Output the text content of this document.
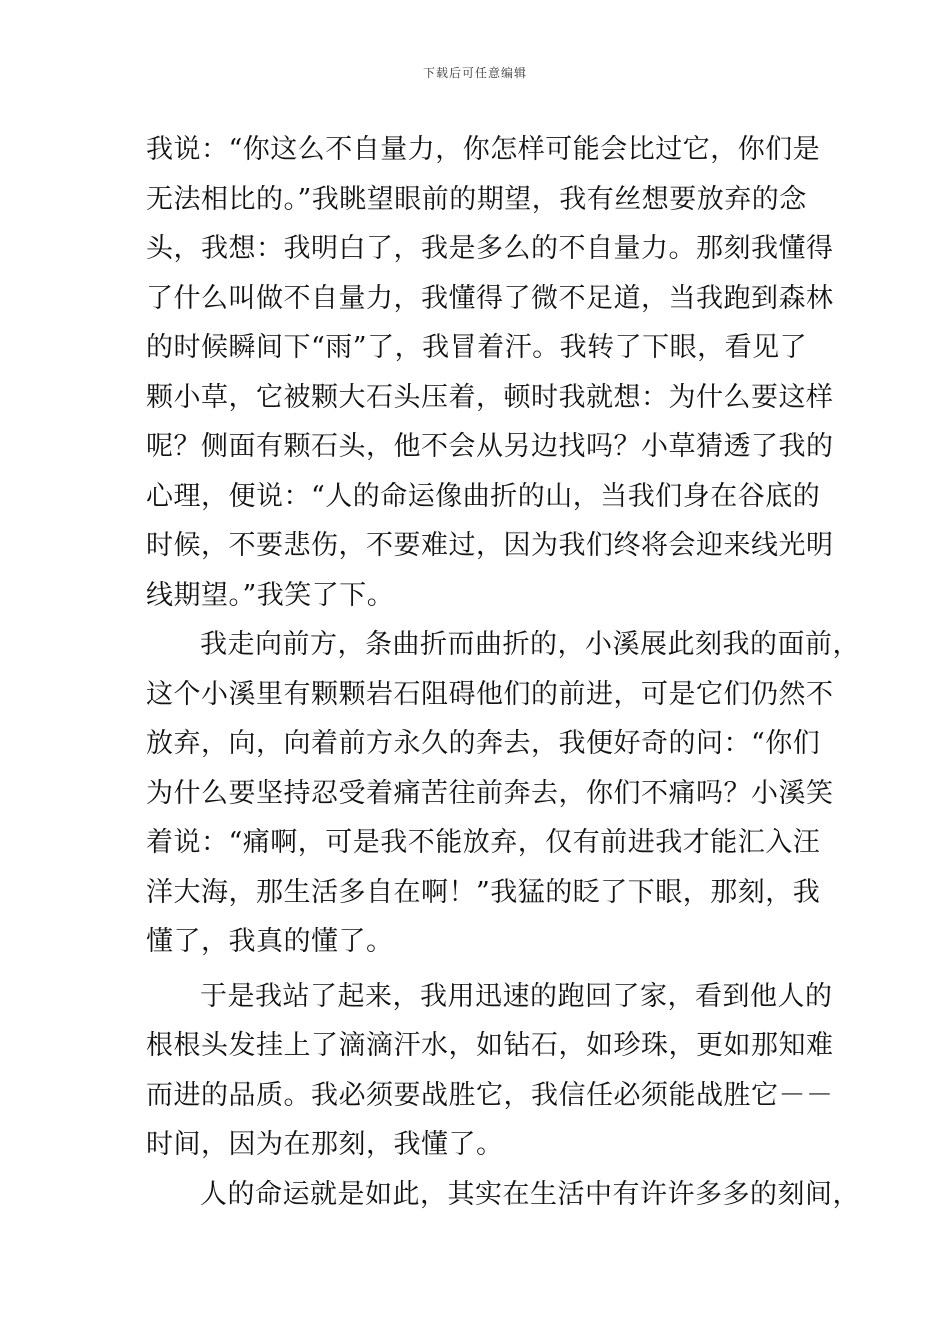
下载后可任意编辑
我说：“你这么不自量力，你怎样可能会比过它，你们是
无法相比的。”我眺望眼前的期望，我有丝想要放弃的念
头，我想：我明白了，我是多么的不自量力。那刻我懂得
了什么叫做不自量力，我懂得了微不足道，当我跑到森林
的时候瞬间下“雨”了，我冒着汗。我转了下眼，看见了
颗小草，它被颗大石头压着，顿时我就想：为什么要这样
呢？侧面有颗石头，他不会从另边找吗？小草猜透了我的
心理，便说：“人的命运像曲折的山，当我们身在谷底的
时候，不要悲伤，不要难过，因为我们终将会迎来线光明
线期望。”我笑了下。
我走向前方，条曲折而曲折的，小溪展此刻我的面前，
这个小溪里有颗颗岩石阻碍他们的前进，可是它们仍然不
放弃，向，向着前方永久的奔去，我便好奇的问：“你们
为什么要坚持忍受着痛苦往前奔去，你们不痛吗？小溪笑
着说：“痛啊，可是我不能放弃，仅有前进我才能汇入汪
洋大海，那生活多自在啊！”我猛的眨了下眼，那刻，我
懂了，我真的懂了。
于是我站了起来，我用迅速的跑回了家，看到他人的
根根头发挂上了滴滴汗水，如钻石，如珍珠，更如那知难
而进的品质。我必须要战胜它，我信任必须能战胜它－－
时间，因为在那刻，我懂了。
人的命运就是如此，其实在生活中有许许多多的刻间，
